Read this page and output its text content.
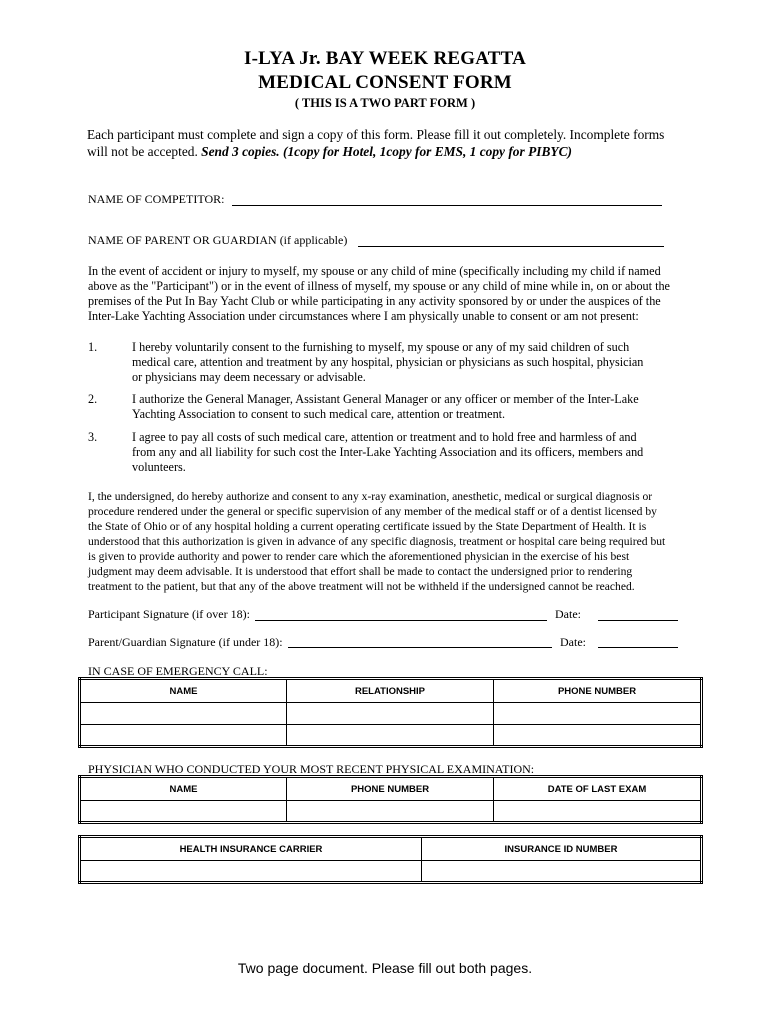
I-LYA Jr. BAY WEEK REGATTA
MEDICAL CONSENT FORM
( THIS IS A TWO PART FORM )
Each participant must complete and sign a copy of this form. Please fill it out completely. Incomplete forms
will not be accepted. Send 3 copies. (1copy for Hotel, 1copy for EMS, 1 copy for PIBYC)
NAME OF COMPETITOR:
NAME OF PARENT OR GUARDIAN (if applicable)
In the event of accident or injury to myself, my spouse or any child of mine (specifically including my child if named
above as the "Participant") or in the event of illness of myself, my spouse or any child of mine while in, on or about the
premises of the Put In Bay Yacht Club or while participating in any activity sponsored by or under the auspices of the
Inter-Lake Yachting Association under circumstances where I am physically unable to consent or am not present:
1.	I hereby voluntarily consent to the furnishing to myself, my spouse or any of my said children of such
medical care, attention and treatment by any hospital, physician or physicians as such hospital, physician
or physicians may deem necessary or advisable.
2.	I authorize the General Manager, Assistant General Manager or any officer or member of the Inter-Lake
Yachting Association to consent to such medical care, attention or treatment.
3.	I agree to pay all costs of such medical care, attention or treatment and to hold free and harmless of and
from any and all liability for such cost the Inter-Lake Yachting Association and its officers, members and
volunteers.
I, the undersigned, do hereby authorize and consent to any x-ray examination, anesthetic, medical or surgical diagnosis or
procedure rendered under the general or specific supervision of any member of the medical staff or of a dentist licensed by
the State of Ohio or of any hospital holding a current operating certificate issued by the State Department of Health. It is
understood that this authorization is given in advance of any specific diagnosis, treatment or hospital care being required but
is given to provide authority and power to render care which the aforementioned physician in the exercise of his best
judgment may deem advisable. It is understood that effort shall be made to contact the undersigned prior to rendering
treatment to the patient, but that any of the above treatment will not be withheld if the undersigned cannot be reached.
Participant Signature (if over 18):	Date:
Parent/Guardian Signature (if under 18):	Date:
IN CASE OF EMERGENCY CALL:
NAME	RELATIONSHIP	PHONE NUMBER

PHYSICIAN WHO CONDUCTED YOUR MOST RECENT PHYSICAL EXAMINATION:
NAME	PHONE NUMBER	DATE OF LAST EXAM

HEALTH INSURANCE CARRIER	INSURANCE ID NUMBER

Two page document. Please fill out both pages.
